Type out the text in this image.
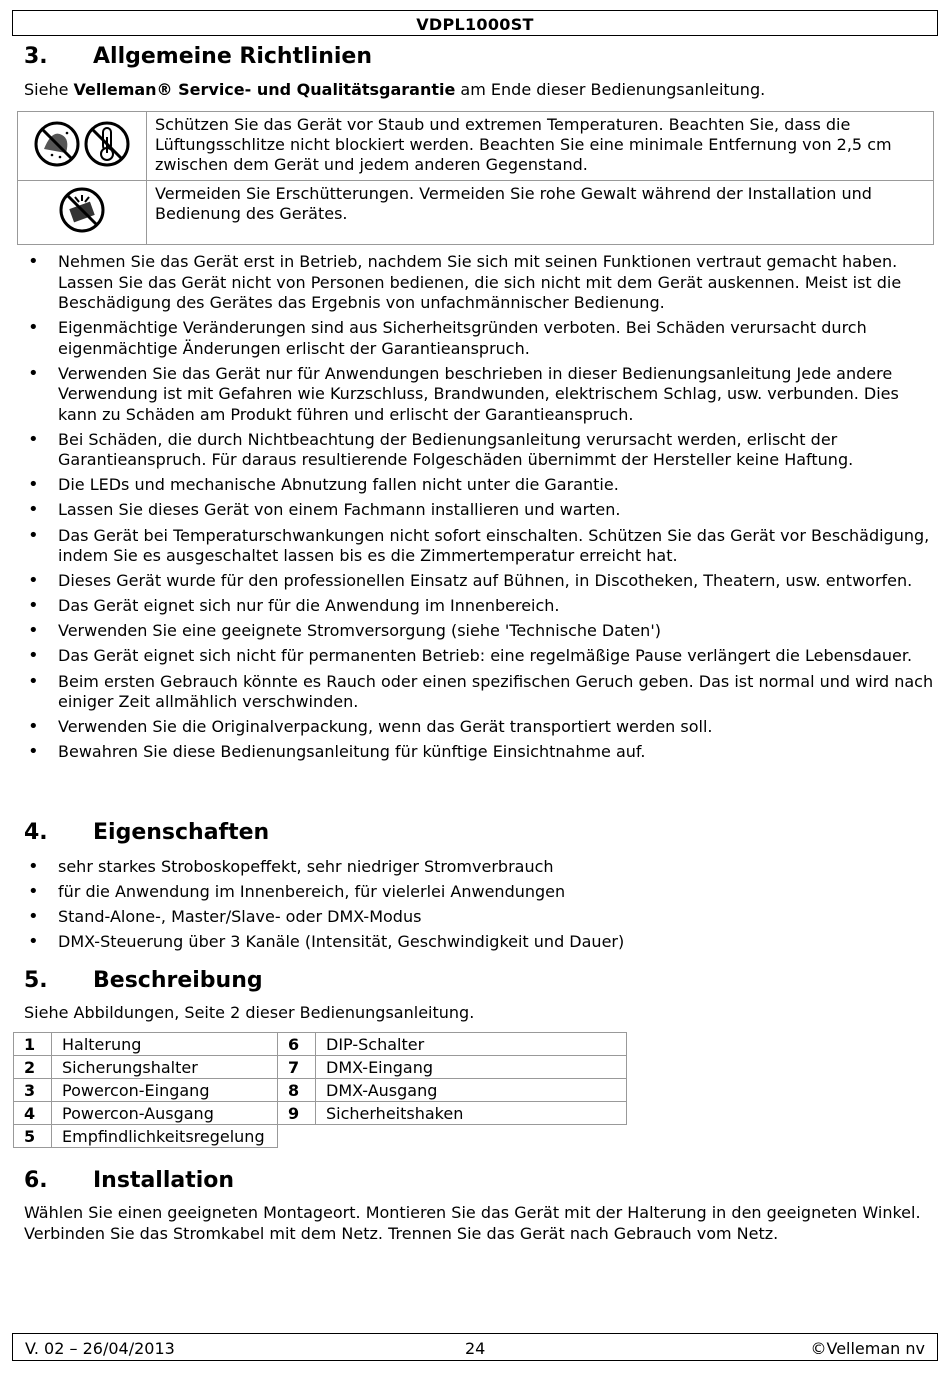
VDPL1000ST
3. Allgemeine Richtlinien

Siehe Velleman® Service- und Qualitätsgarantie am Ende dieser Bedienungsanleitung.

	Schützen Sie das Gerät vor Staub und extremen Temperaturen. Beachten Sie, dass die Lüftungsschlitze nicht blockiert werden. Beachten Sie eine minimale Entfernung von 2,5 cm zwischen dem Gerät und jedem anderen Gegenstand.
	Vermeiden Sie Erschütterungen. Vermeiden Sie rohe Gewalt während der Installation und Bedienung des Gerätes.
• Nehmen Sie das Gerät erst in Betrieb, nachdem Sie sich mit seinen Funktionen vertraut gemacht haben. Lassen Sie das Gerät nicht von Personen bedienen, die sich nicht mit dem Gerät auskennen. Meist ist die Beschädigung des Gerätes das Ergebnis von unfachmännischer Bedienung.
• Eigenmächtige Veränderungen sind aus Sicherheitsgründen verboten. Bei Schäden verursacht durch eigenmächtige Änderungen erlischt der Garantieanspruch.
• Verwenden Sie das Gerät nur für Anwendungen beschrieben in dieser Bedienungsanleitung Jede andere Verwendung ist mit Gefahren wie Kurzschluss, Brandwunden, elektrischem Schlag, usw. verbunden. Dies kann zu Schäden am Produkt führen und erlischt der Garantieanspruch.
• Bei Schäden, die durch Nichtbeachtung der Bedienungsanleitung verursacht werden, erlischt der Garantieanspruch. Für daraus resultierende Folgeschäden übernimmt der Hersteller keine Haftung.
• Die LEDs und mechanische Abnutzung fallen nicht unter die Garantie.
• Lassen Sie dieses Gerät von einem Fachmann installieren und warten.
• Das Gerät bei Temperaturschwankungen nicht sofort einschalten. Schützen Sie das Gerät vor Beschädigung, indem Sie es ausgeschaltet lassen bis es die Zimmertemperatur erreicht hat.
• Dieses Gerät wurde für den professionellen Einsatz auf Bühnen, in Discotheken, Theatern, usw. entworfen.
• Das Gerät eignet sich nur für die Anwendung im Innenbereich.
• Verwenden Sie eine geeignete Stromversorgung (siehe 'Technische Daten')
• Das Gerät eignet sich nicht für permanenten Betrieb: eine regelmäßige Pause verlängert die Lebensdauer.
• Beim ersten Gebrauch könnte es Rauch oder einen spezifischen Geruch geben. Das ist normal und wird nach einiger Zeit allmählich verschwinden.
• Verwenden Sie die Originalverpackung, wenn das Gerät transportiert werden soll.
• Bewahren Sie diese Bedienungsanleitung für künftige Einsichtnahme auf.
4. Eigenschaften
• sehr starkes Stroboskopeffekt, sehr niedriger Stromverbrauch
• für die Anwendung im Innenbereich, für vielerlei Anwendungen
• Stand-Alone-, Master/Slave- oder DMX-Modus
• DMX-Steuerung über 3 Kanäle (Intensität, Geschwindigkeit und Dauer)
5. Beschreibung

Siehe Abbildungen, Seite 2 dieser Bedienungsanleitung.

1	Halterung	6	DIP-Schalter
2	Sicherungshalter	7	DMX-Eingang
3	Powercon-Eingang	8	DMX-Ausgang
4	Powercon-Ausgang	9	Sicherheitshaken
5	Empfindlichkeitsregelung		
6. Installation

Wählen Sie einen geeigneten Montageort. Montieren Sie das Gerät mit der Halterung in den geeigneten Winkel. Verbinden Sie das Stromkabel mit dem Netz. Trennen Sie das Gerät nach Gebrauch vom Netz.

V. 02 – 26/04/2013	24	©Velleman nv
